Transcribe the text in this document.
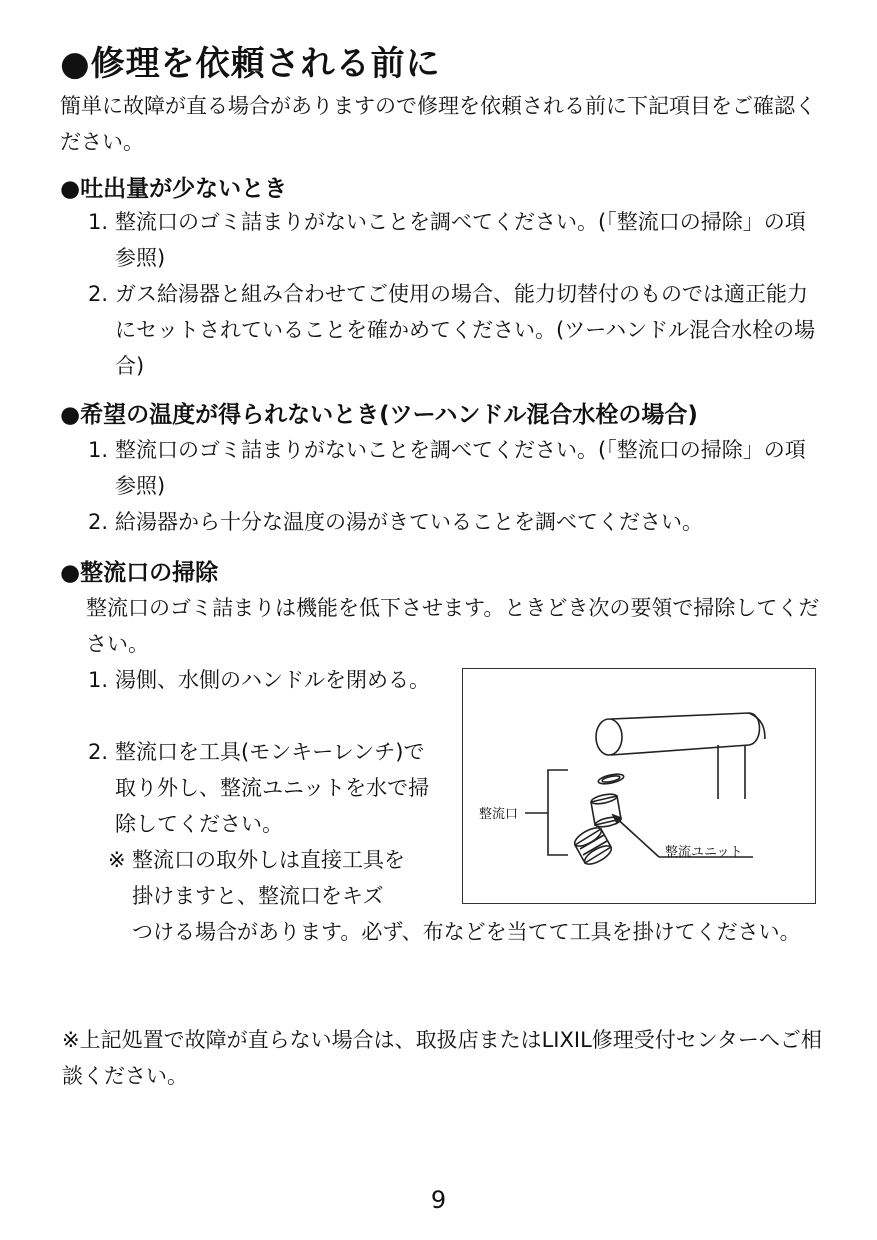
●修理を依頼される前に

簡単に故障が直る場合がありますので修理を依頼される前に下記項目をご確認ください。

●吐出量が少ないとき
1. 整流口のゴミ詰まりがないことを調べてください。(「整流口の掃除」の項参照)
2. ガス給湯器と組み合わせてご使用の場合、能力切替付のものでは適正能力にセットされていることを確かめてください。(ツーハンドル混合水栓の場合)
●希望の温度が得られないとき(ツーハンドル混合水栓の場合)
1. 整流口のゴミ詰まりがないことを調べてください。(「整流口の掃除」の項参照)
2. 給湯器から十分な温度の湯がきていることを調べてください。
●整流口の掃除

整流口のゴミ詰まりは機能を低下させます。ときどき次の要領で掃除してください。

1. 湯側、水側のハンドルを閉める。
2. 整流口を工具(モンキーレンチ)で取り外し、整流ユニットを水で掃除してください。
※ 整流口の取外しは直接工具を
掛けますと、整流口をキズ

つける場合があります。必ず、布などを当てて工具を掛けてください。

整流口
整流ユニット

※上記処置で故障が直らない場合は、取扱店またはLIXIL修理受付センターへご相談ください。

9
